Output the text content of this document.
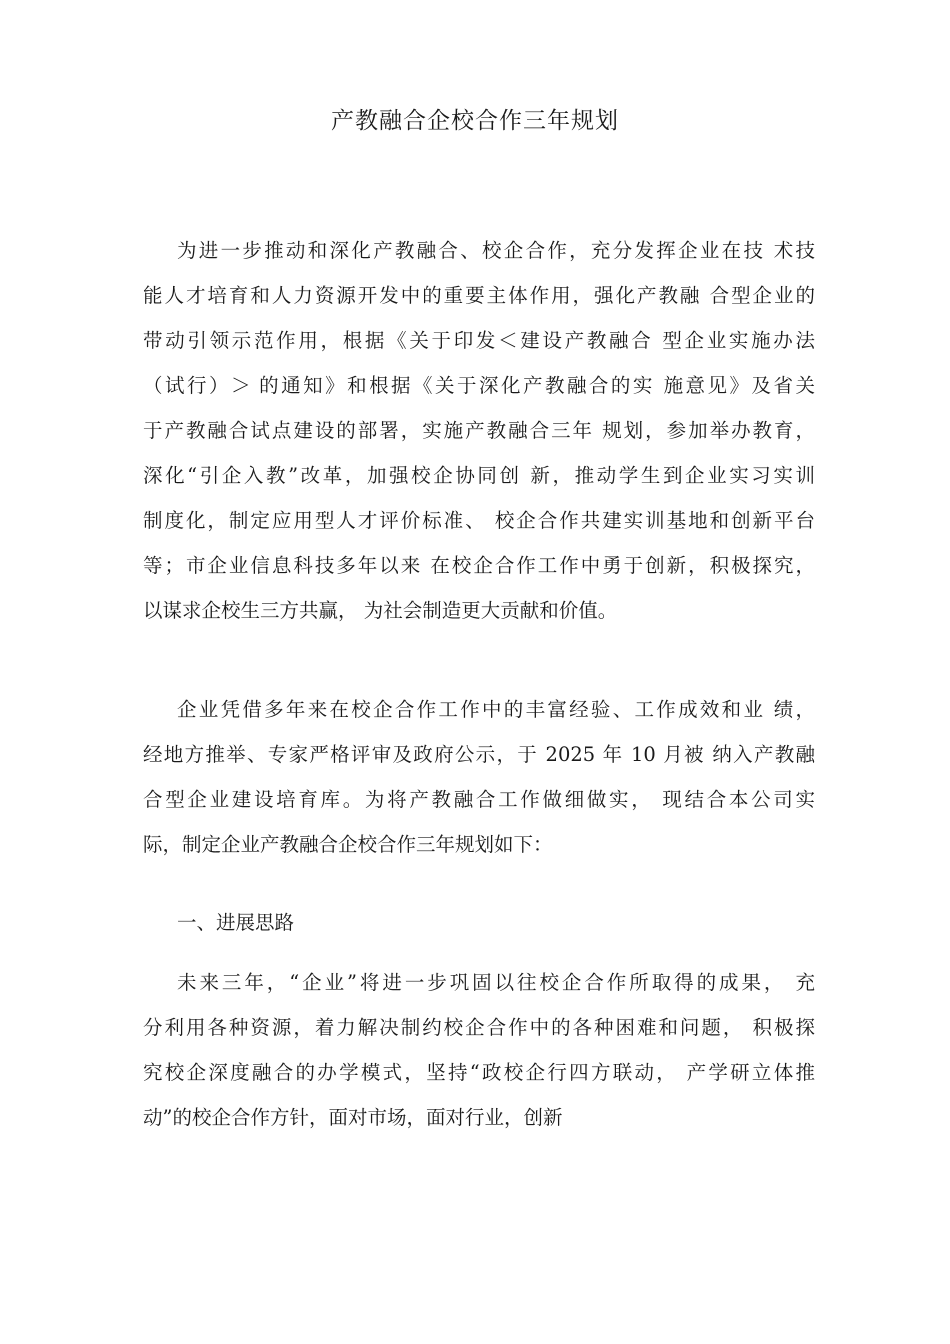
产教融合企校合作三年规划
为进一步推动和深化产教融合、校企合作，充分发挥企业在技 术技
能人才培育和人力资源开发中的重要主体作用，强化产教融 合型企业的
带动引领示范作用，根据《关于印发＜建设产教融合 型企业实施办法
（试行）＞ 的通知》和根据《关于深化产教融合的实 施意见》及省关
于产教融合试点建设的部署，实施产教融合三年 规划，参加举办教育，
深化“引企入教”改革，加强校企协同创 新，推动学生到企业实习实训
制度化，制定应用型人才评价标准、 校企合作共建实训基地和创新平台
等；市企业信息科技多年以来 在校企合作工作中勇于创新，积极探究，
以谋求企校生三方共赢， 为社会制造更大贡献和价值。
企业凭借多年来在校企合作工作中的丰富经验、工作成效和业 绩，
经地方推举、专家严格评审及政府公示，于 2025 年 10 月被 纳入产教融
合型企业建设培育库。为将产教融合工作做细做实， 现结合本公司实
际，制定企业产教融合企校合作三年规划如下：
一、进展思路
未来三年，“企业”将进一步巩固以往校企合作所取得的成果， 充
分利用各种资源，着力解决制约校企合作中的各种困难和问题， 积极探
究校企深度融合的办学模式，坚持“政校企行四方联动， 产学研立体推
动”的校企合作方针，面对市场，面对行业，创新
